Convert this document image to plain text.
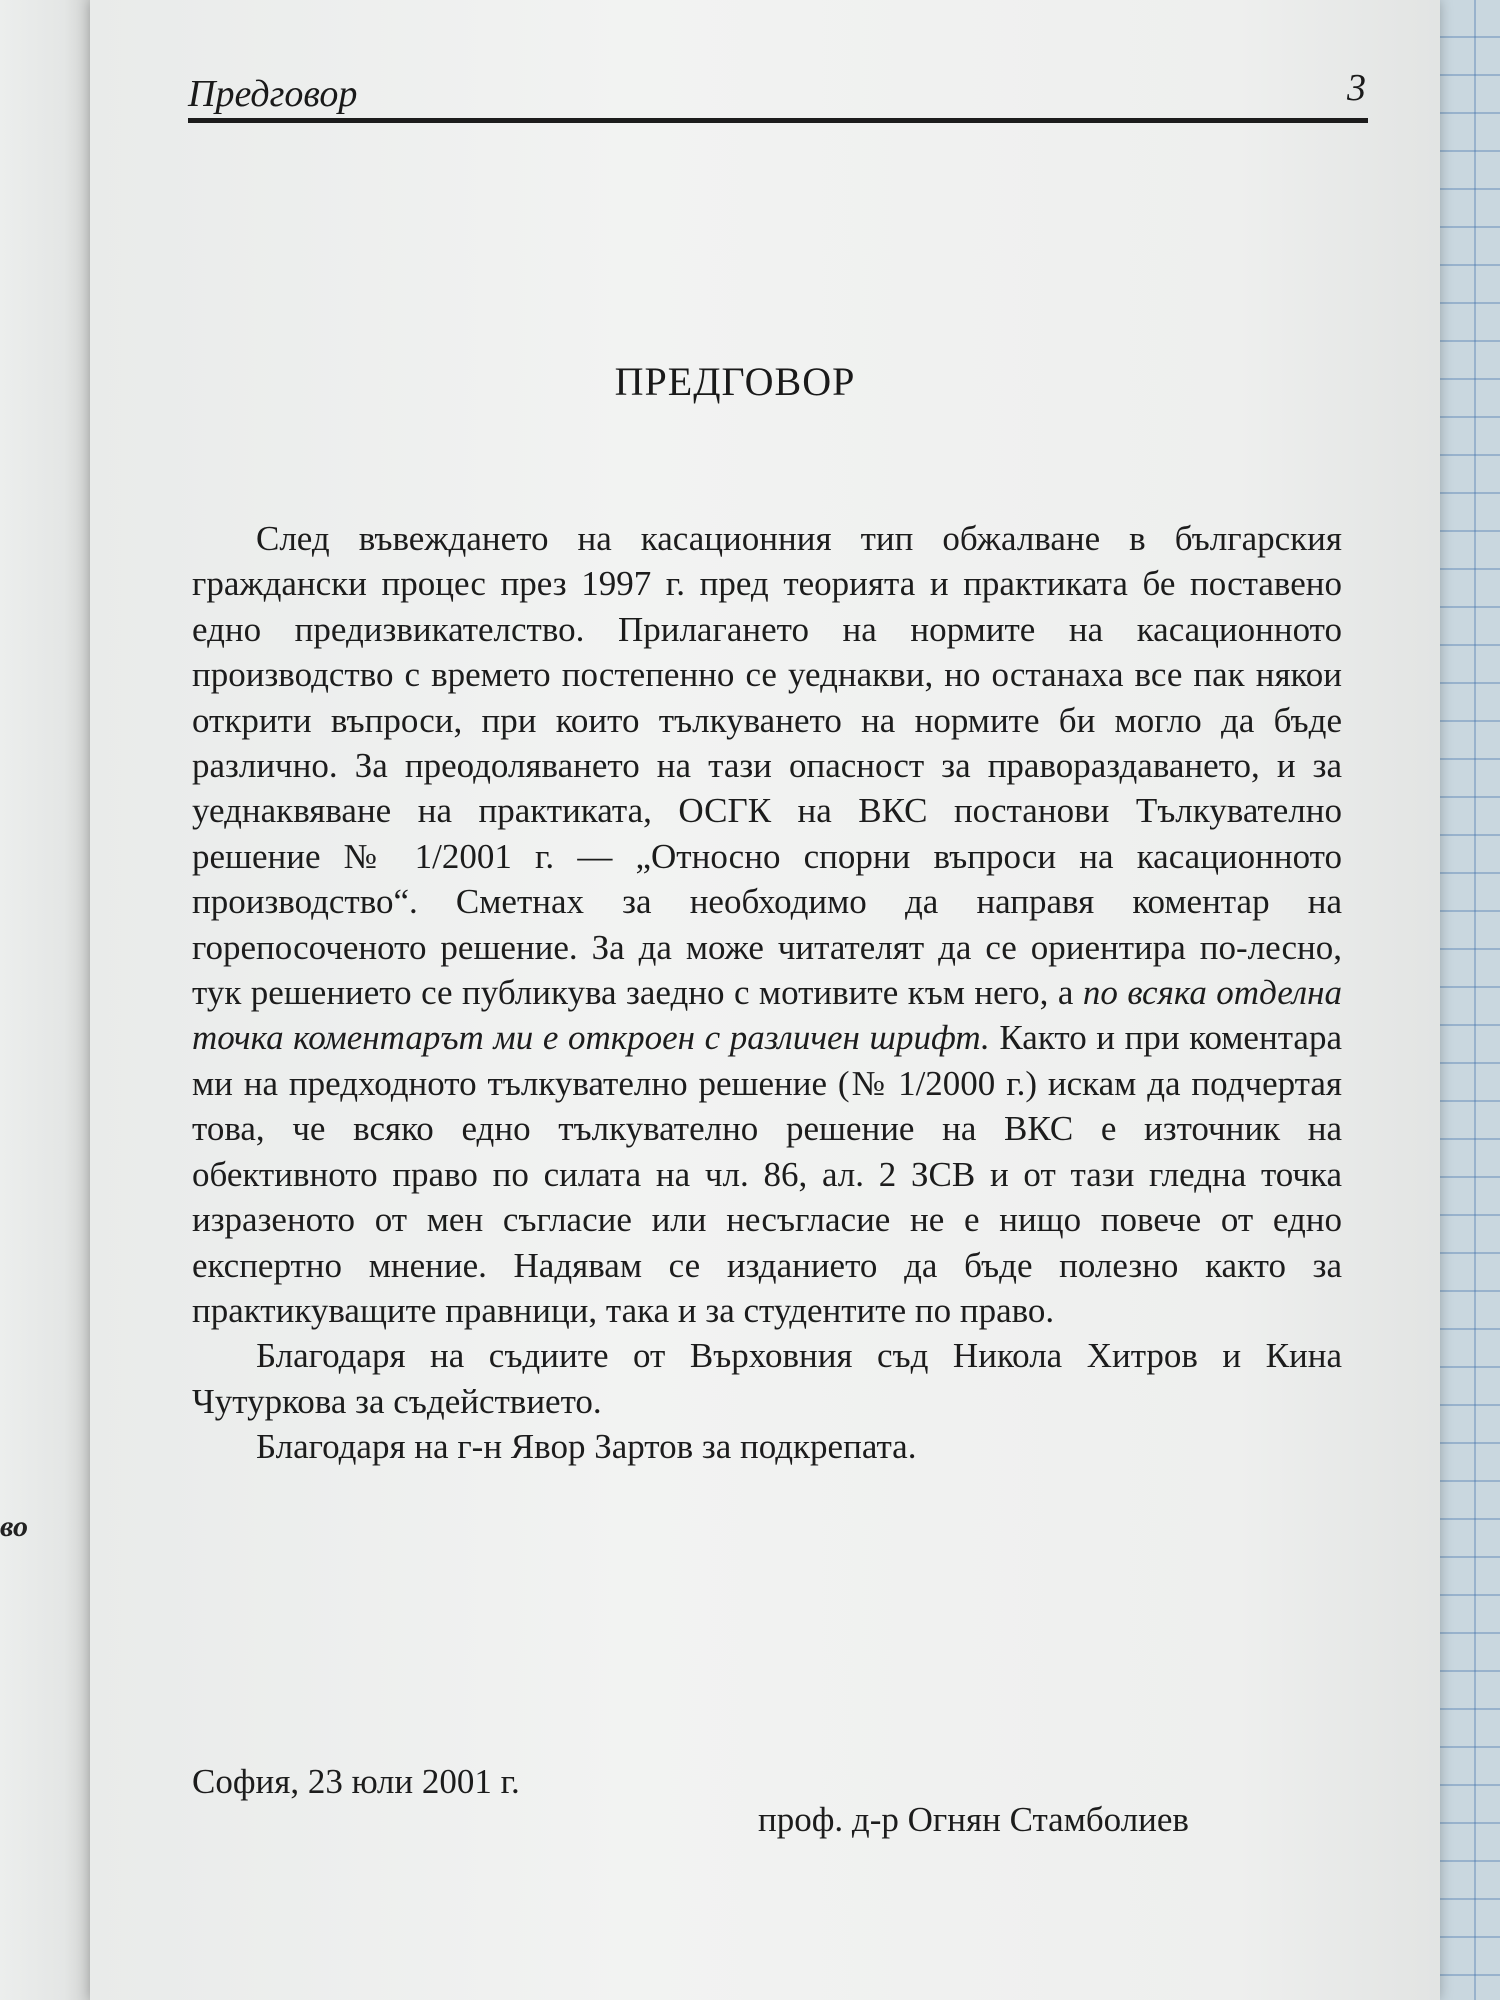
во
Предговор	3
ПРЕДГОВОР

След въвеждането на касационния тип обжалване в българския граждански процес през 1997 г. пред теорията и практиката бе поставено едно предизвикателство. Прилагането на нормите на касационното производство с времето постепенно се уеднакви, но останаха все пак някои открити въпроси, при които тълкуването на нормите би могло да бъде различно. За преодоляването на тази опасност за правораздаването, и за уеднаквяване на практиката, ОСГК на ВКС постанови Тълкувателно решение № 1/2001 г. — „Относно спорни въпроси на касационното производство“. Сметнах за необходимо да направя коментар на горепосоченото решение. За да може читателят да се ориентира по-лесно, тук решението се публикува заедно с мотивите към него, а по всяка отделна точка коментарът ми е откроен с различен шрифт. Както и при коментара ми на предходното тълкувателно решение (№ 1/2000 г.) искам да подчертая това, че всяко едно тълкувателно решение на ВКС е източник на обективното право по силата на чл. 86, ал. 2 ЗСВ и от тази гледна точка изразеното от мен съгласие или несъгласие не е нищо повече от едно експертно мнение. Надявам се изданието да бъде полезно както за практикуващите правници, така и за студентите по право.

Благодаря на съдиите от Върховния съд Никола Хитров и Кина Чутуркова за съдействието.

Благодаря на г-н Явор Зартов за подкрепата.

София, 23 юли 2001 г.
проф. д-р Огнян Стамболиев
